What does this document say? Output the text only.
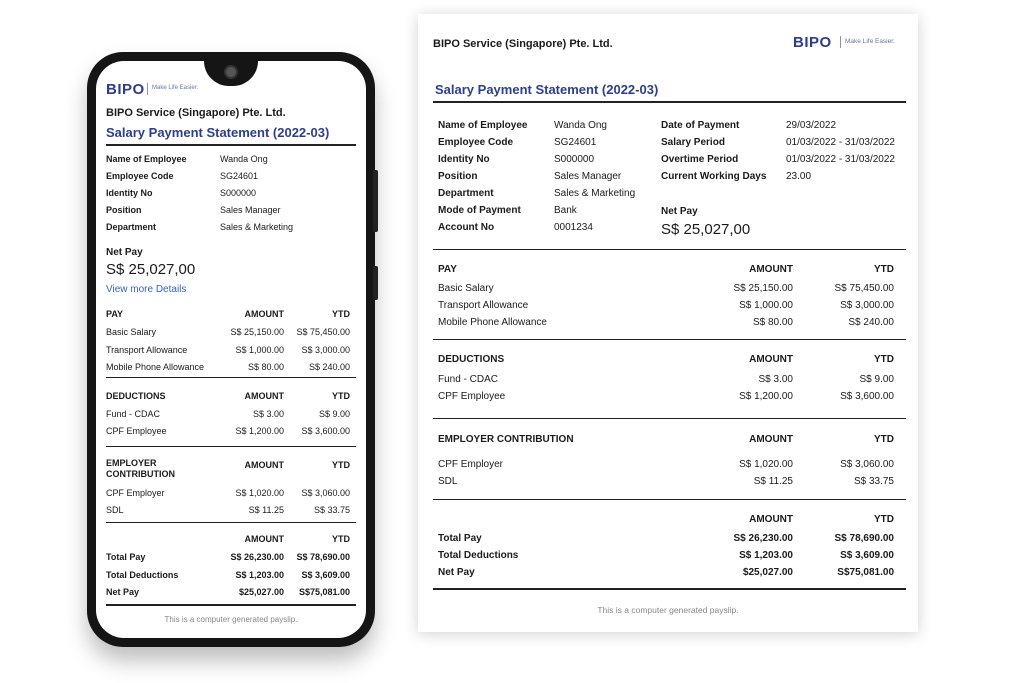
BIPO Make Life Easier.
BIPO Service (Singapore) Pte. Ltd.
Salary Payment Statement (2022-03)
Name of Employee	Wanda Ong
Employee Code	SG24601
Identity No	S000000
Position	Sales Manager
Department	Sales & Marketing
Net Pay
S$ 25,027,00
View more Details
PAY	AMOUNT	YTD
Basic Salary	S$ 25,150.00	S$ 75,450.00
Transport Allowance	S$ 1,000.00	S$ 3,000.00
Mobile Phone Allowance	S$ 80.00	S$ 240.00
DEDUCTIONS	AMOUNT	YTD
Fund - CDAC	S$ 3.00	S$ 9.00
CPF Employee	S$ 1,200.00	S$ 3,600.00
EMPLOYER
CONTRIBUTION
AMOUNT	YTD
CPF Employer	S$ 1,020.00	S$ 3,060.00
SDL	S$ 11.25	S$ 33.75
AMOUNT	YTD
Total Pay	S$ 26,230.00	S$ 78,690.00
Total Deductions	S$ 1,203.00	S$ 3,609.00
Net Pay	$25,027.00	S$75,081.00
This is a computer generated payslip.
BIPO Service (Singapore) Pte. Ltd.	BIPO Make Life Easier.
Salary Payment Statement (2022-03)
Name of Employee	Wanda Ong
Employee Code	SG24601
Identity No	S000000
Position	Sales Manager
Department	Sales & Marketing
Mode of Payment	Bank
Account No	0001234
Date of Payment	29/03/2022
Salary Period	01/03/2022 - 31/03/2022
Overtime Period	01/03/2022 - 31/03/2022
Current Working Days 23.00
Net Pay
S$ 25,027,00
PAY	AMOUNT	YTD
Basic Salary	S$ 25,150.00	S$ 75,450.00
Transport Allowance	S$ 1,000.00	S$ 3,000.00
Mobile Phone Allowance	S$ 80.00	S$ 240.00
DEDUCTIONS	AMOUNT	YTD
Fund - CDAC	S$ 3.00	S$ 9.00
CPF Employee	S$ 1,200.00	S$ 3,600.00
EMPLOYER CONTRIBUTION	AMOUNT	YTD
CPF Employer	S$ 1,020.00	S$ 3,060.00
SDL	S$ 11.25	S$ 33.75
AMOUNT	YTD
Total Pay	S$ 26,230.00	S$ 78,690.00
Total Deductions	S$ 1,203.00	S$ 3,609.00
Net Pay	$25,027.00	S$75,081.00
This is a computer generated payslip.
